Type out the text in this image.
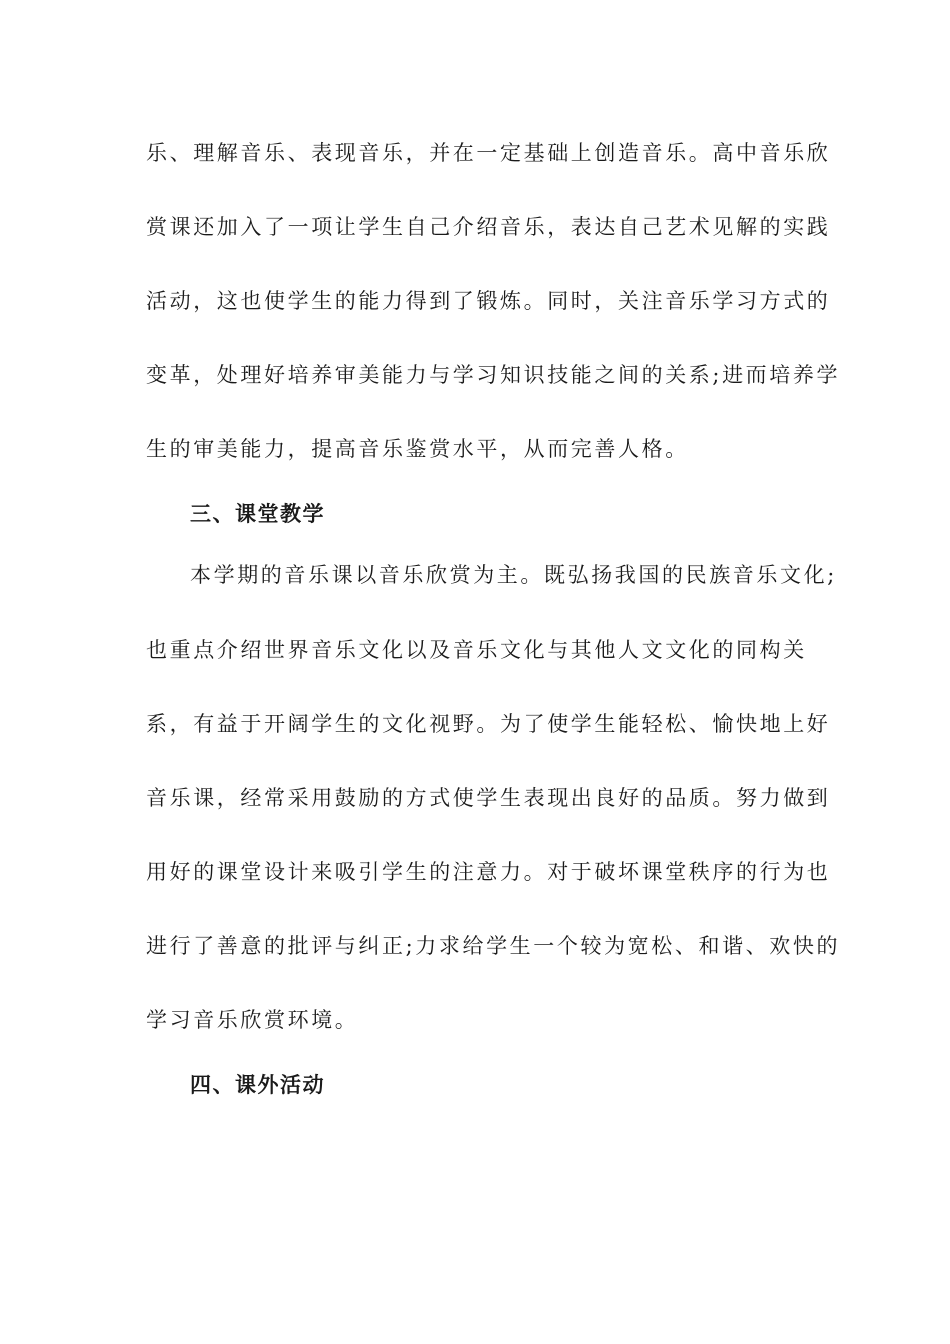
乐、理解音乐、表现音乐，并在一定基础上创造音乐。高中音乐欣
赏课还加入了一项让学生自己介绍音乐，表达自己艺术见解的实践
活动，这也使学生的能力得到了锻炼。同时，关注音乐学习方式的
变革，处理好培养审美能力与学习知识技能之间的关系;进而培养学
生的审美能力，提高音乐鉴赏水平，从而完善人格。
三、课堂教学
本学期的音乐课以音乐欣赏为主。既弘扬我国的民族音乐文化;
也重点介绍世界音乐文化以及音乐文化与其他人文文化的同构关
系，有益于开阔学生的文化视野。为了使学生能轻松、愉快地上好
音乐课，经常采用鼓励的方式使学生表现出良好的品质。努力做到
用好的课堂设计来吸引学生的注意力。对于破坏课堂秩序的行为也
进行了善意的批评与纠正;力求给学生一个较为宽松、和谐、欢快的
学习音乐欣赏环境。
四、课外活动
